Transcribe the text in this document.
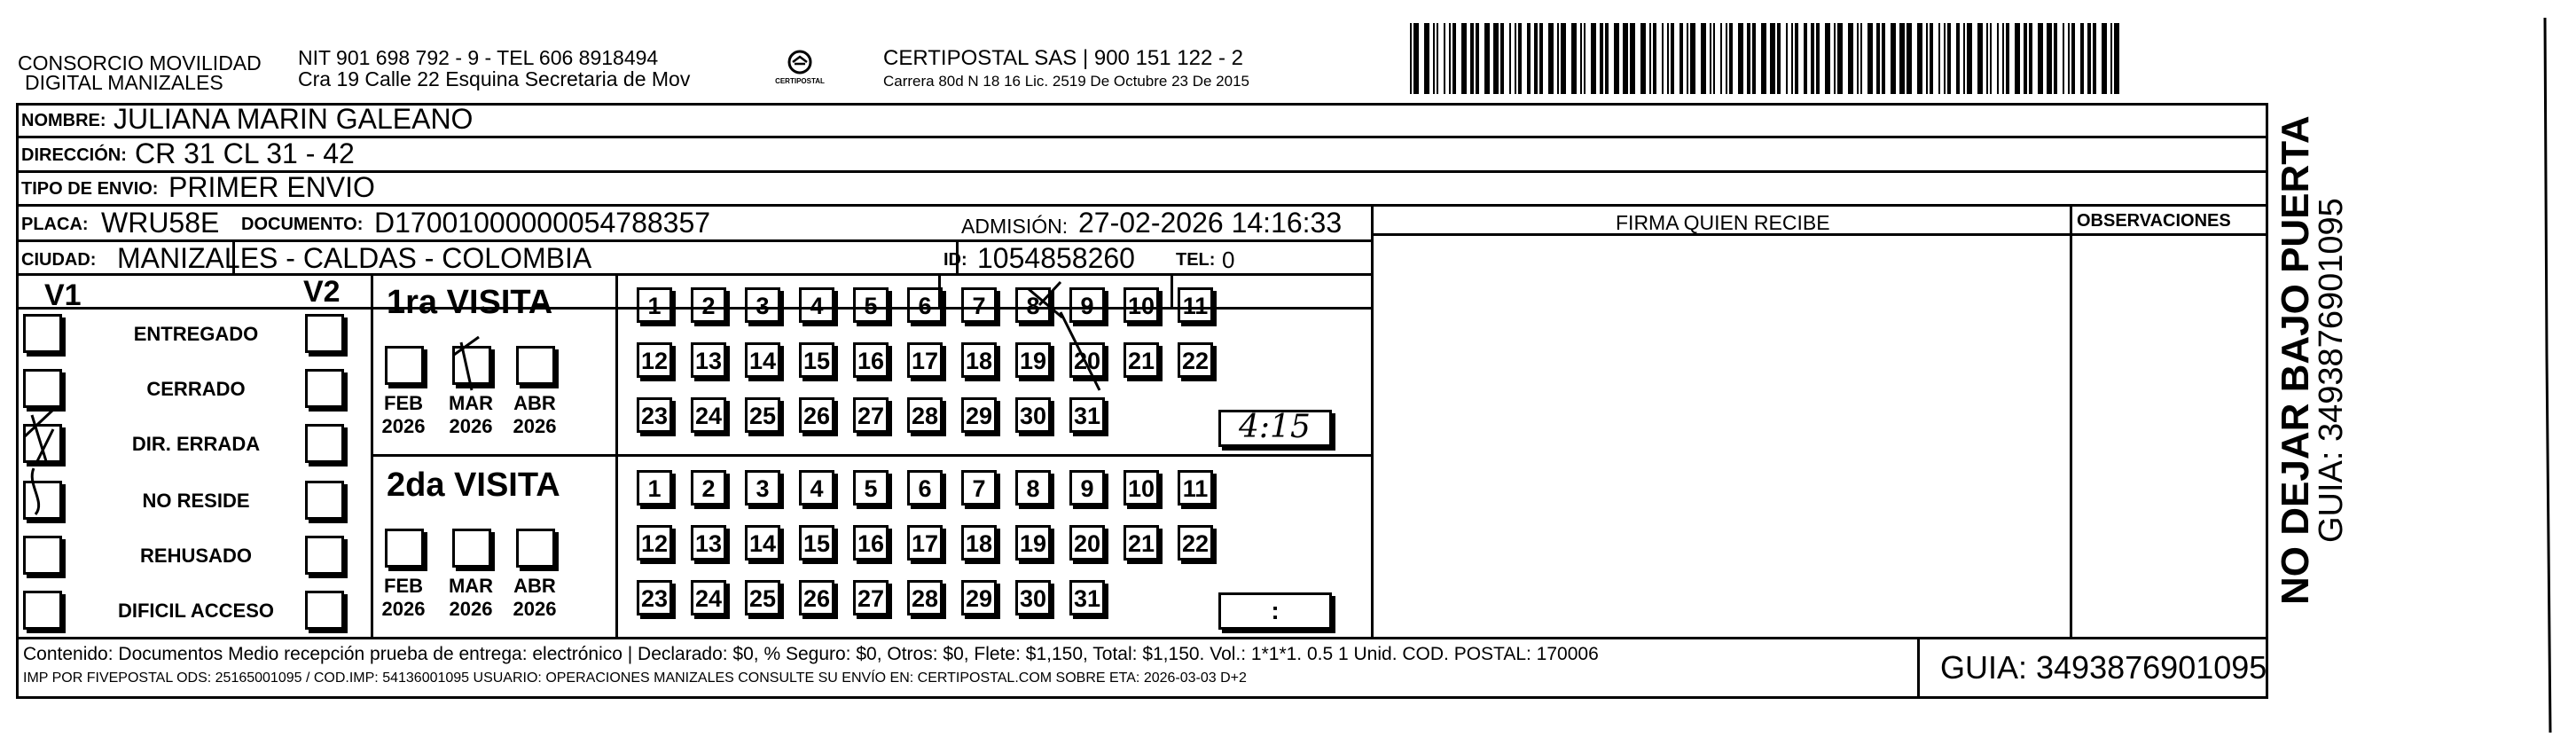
CONSORCIO MOVILIDAD
DIGITAL MANIZALES
NIT 901 698 792 - 9 - TEL 606 8918494
Cra 19 Calle 22 Esquina Secretaria de Mov	CERTIPOSTAL
CERTIPOSTAL SAS | 900 151 122 - 2
Carrera 80d N 18 16 Lic. 2519 De Octubre 23 De 2015
NOMBRE: JULIANA MARIN GALEANO
DIRECCIÓN: CR 31 CL 31 - 42
TIPO DE ENVIO: PRIMER ENVIO
PLACA: WRU58E DOCUMENTO: D17001000000054788357	ADMISIÓN: 27-02-2026 14:16:33	FIRMA QUIEN RECIBE	OBSERVACIONES
CIUDAD: MANIZALES - CALDAS - COLOMBIA	ID: 1054858260 TEL: 0
V1	V2 1ra VISITA
2da VISITA
ENTREGADO
CERRADO
DIR. ERRADA
NO RESIDE
REHUSADO
DIFICIL ACCESO
FEB
2026
MAR
2026
ABR
2026
FEB
2026
MAR
2026
ABR
2026
1	2	3	4	5	6	7	8	9	10 11
12 13 14 15 16 17 18 19 20 21 22
23 24 25 26 27 28 29 30 31
1	2	3	4	5	6	7	8	9	10 11
12 13 14 15 16 17 18 19 20 21 22
23 24 25 26 27 28 29 30 31
4:15
:
Contenido: Documentos Medio recepción prueba de entrega: electrónico | Declarado: $0, % Seguro: $0, Otros: $0, Flete: $1,150, Total: $1,150. Vol.: 1*1*1. 0.5 1 Unid. COD. POSTAL: 170006
IMP POR FIVEPOSTAL ODS: 25165001095 / COD.IMP: 54136001095 USUARIO: OPERACIONES MANIZALES CONSULTE SU ENVÍO EN: CERTIPOSTAL.COM SOBRE ETA: 2026-03-03 D+2	GUIA: 3493876901095
NO DEJAR BAJO PUERTA
GUIA: 3493876901095
